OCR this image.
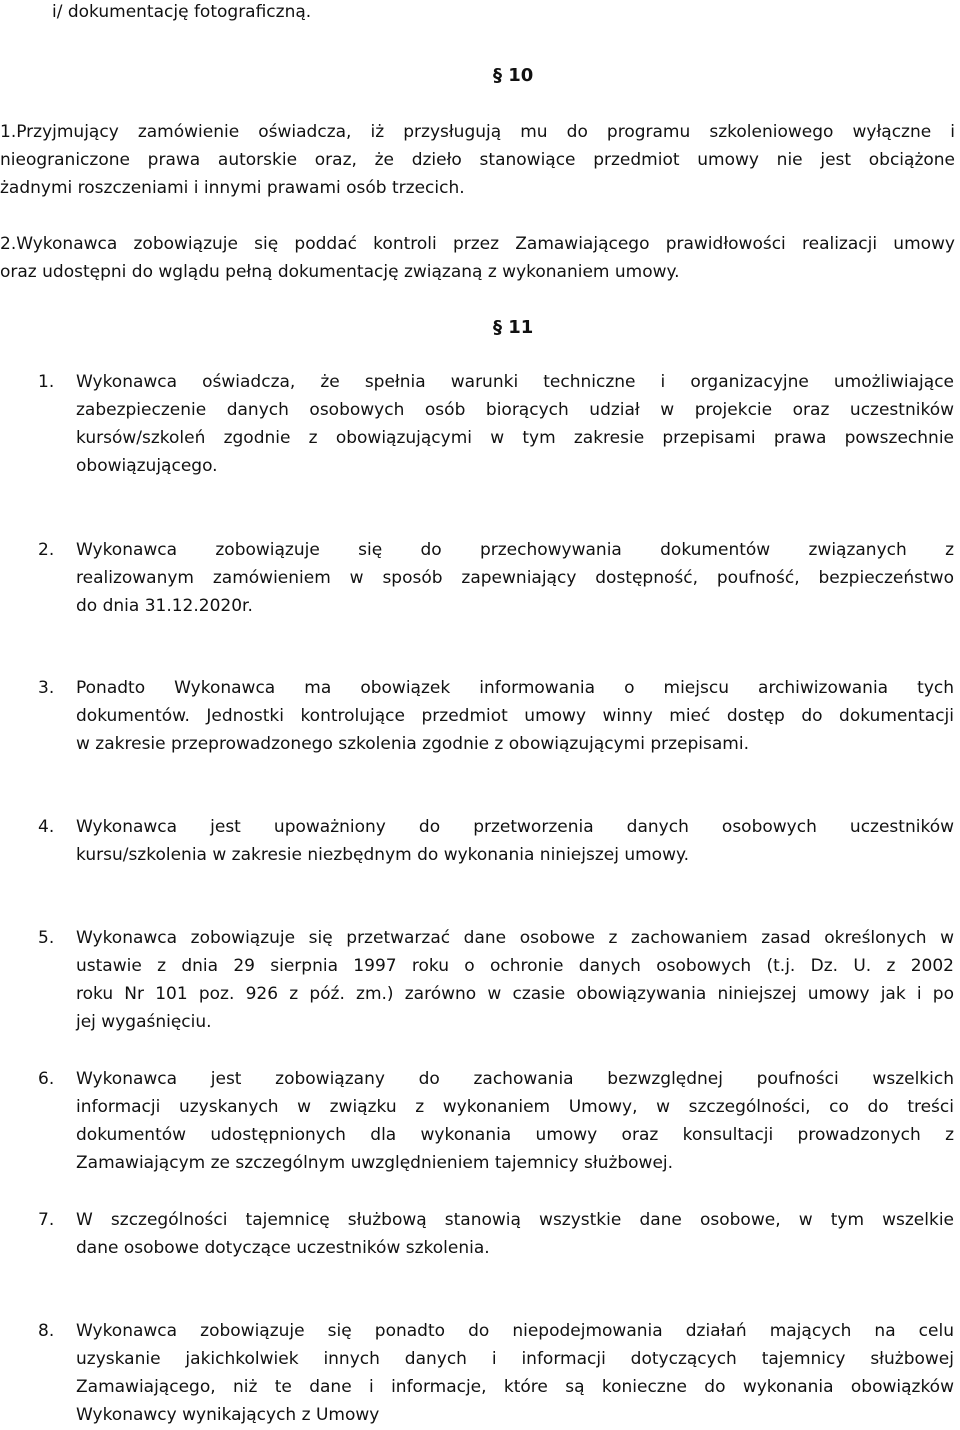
i/ dokumentację fotograficzną.
§ 10
1.Przyjmujący zamówienie oświadcza, iż przysługują mu do programu szkoleniowego wyłączne i
nieograniczone prawa autorskie oraz, że dzieło stanowiące przedmiot umowy nie jest obciążone
żadnymi roszczeniami i innymi prawami osób trzecich.
2.Wykonawca zobowiązuje się poddać kontroli przez Zamawiającego prawidłowości realizacji umowy
oraz udostępni do wglądu pełną dokumentację związaną z wykonaniem umowy.
§ 11
1. Wykonawca oświadcza, że spełnia warunki techniczne i organizacyjne umożliwiające
zabezpieczenie danych osobowych osób biorących udział w projekcie oraz uczestników
kursów/szkoleń zgodnie z obowiązującymi w tym zakresie przepisami prawa powszechnie
obowiązującego.
2. Wykonawca zobowiązuje się do przechowywania dokumentów związanych z
realizowanym zamówieniem w sposób zapewniający dostępność, poufność, bezpieczeństwo
do dnia 31.12.2020r.
3. Ponadto Wykonawca ma obowiązek informowania o miejscu archiwizowania tych
dokumentów. Jednostki kontrolujące przedmiot umowy winny mieć dostęp do dokumentacji
w zakresie przeprowadzonego szkolenia zgodnie z obowiązującymi przepisami.
4. Wykonawca jest upoważniony do przetworzenia danych osobowych uczestników
kursu/szkolenia w zakresie niezbędnym do wykonania niniejszej umowy.
5. Wykonawca zobowiązuje się przetwarzać dane osobowe z zachowaniem zasad określonych w
ustawie z dnia 29 sierpnia 1997 roku o ochronie danych osobowych (t.j. Dz. U. z 2002
roku Nr 101 poz. 926 z póź. zm.) zarówno w czasie obowiązywania niniejszej umowy jak i po
jej wygaśnięciu.
6. Wykonawca jest zobowiązany do zachowania bezwzględnej poufności wszelkich
informacji uzyskanych w związku z wykonaniem Umowy, w szczególności, co do treści
dokumentów udostępnionych dla wykonania umowy oraz konsultacji prowadzonych z
Zamawiającym ze szczególnym uwzględnieniem tajemnicy służbowej.
7. W szczególności tajemnicę służbową stanowią wszystkie dane osobowe, w tym wszelkie
dane osobowe dotyczące uczestników szkolenia.
8. Wykonawca zobowiązuje się ponadto do niepodejmowania działań mających na celu
uzyskanie jakichkolwiek innych danych i informacji dotyczących tajemnicy służbowej
Zamawiającego, niż te dane i informacje, które są konieczne do wykonania obowiązków
Wykonawcy wynikających z Umowy
